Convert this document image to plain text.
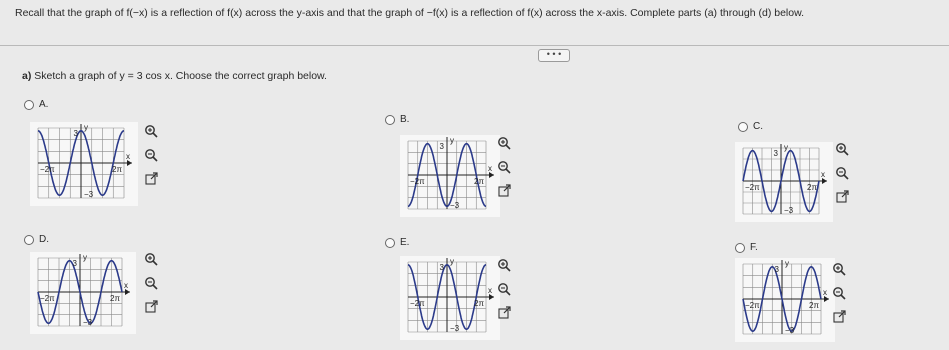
Recall that the graph of f(−x) is a reflection of f(x) across the y-axis and that the graph of −f(x) is a reflection of f(x) across the x-axis. Complete parts (a) through (d) below.
• • •
a) Sketch a graph of y = 3 cos x. Choose the correct graph below.
A.
y
3
x
−2π	2π
−3
B.
y
3
x
−2π	2π
−3
C.
y
3
x
−2π	2π
−3
D.
y
3
x
−2π	2π
−3
E.
y
3
x
−2π	2π
−3
F.
y
3
x
−2π	2π
−3
